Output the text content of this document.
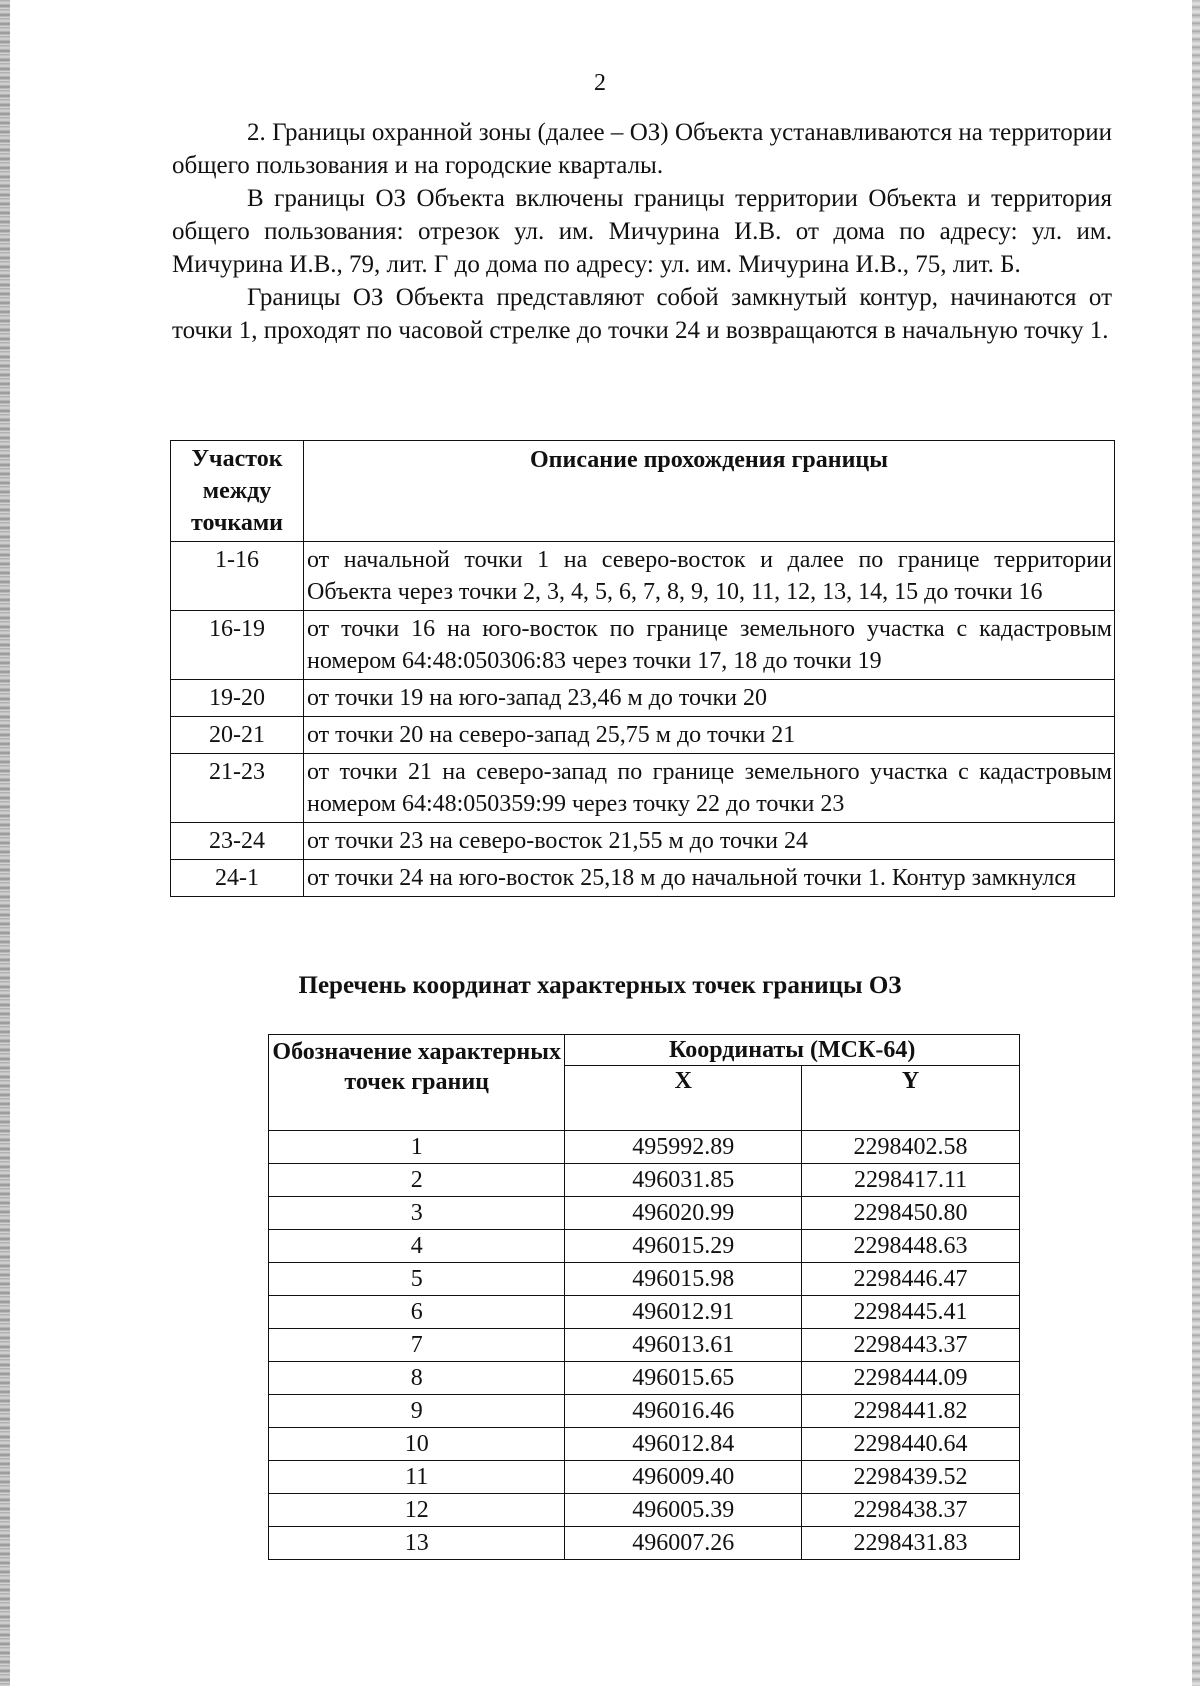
2

2. Границы охранной зоны (далее – ОЗ) Объекта устанавливаются на территории общего пользования и на городские кварталы.

В границы ОЗ Объекта включены границы территории Объекта и территория общего пользования: отрезок ул. им. Мичурина И.В. от дома по адресу: ул. им. Мичурина И.В., 79, лит. Г до дома по адресу: ул. им. Мичурина И.В., 75, лит. Б.

Границы ОЗ Объекта представляют собой замкнутый контур, начинаются от точки 1, проходят по часовой стрелке до точки 24 и возвращаются в начальную точку 1.

Участок между точками	Описание прохождения границы
1-16	от начальной точки 1 на северо-восток и далее по границе территории Объекта через точки 2, 3, 4, 5, 6, 7, 8, 9, 10, 11, 12, 13, 14, 15 до точки 16
16-19	от точки 16 на юго-восток по границе земельного участка с кадастровым номером 64:48:050306:83 через точки 17, 18 до точки 19
19-20	от точки 19 на юго-запад 23,46 м до точки 20
20-21	от точки 20 на северо-запад 25,75 м до точки 21
21-23	от точки 21 на северо-запад по границе земельного участка с кадастровым номером 64:48:050359:99 через точку 22 до точки 23
23-24	от точки 23 на северо-восток 21,55 м до точки 24
24-1	от точки 24 на юго-восток 25,18 м до начальной точки 1. Контур замкнулся
Перечень координат характерных точек границы ОЗ
Обозначение характерных точек границ	Координаты (МСК-64)	
	X	Y
1	495992.89	2298402.58
2	496031.85	2298417.11
3	496020.99	2298450.80
4	496015.29	2298448.63
5	496015.98	2298446.47
6	496012.91	2298445.41
7	496013.61	2298443.37
8	496015.65	2298444.09
9	496016.46	2298441.82
10	496012.84	2298440.64
11	496009.40	2298439.52
12	496005.39	2298438.37
13	496007.26	2298431.83
